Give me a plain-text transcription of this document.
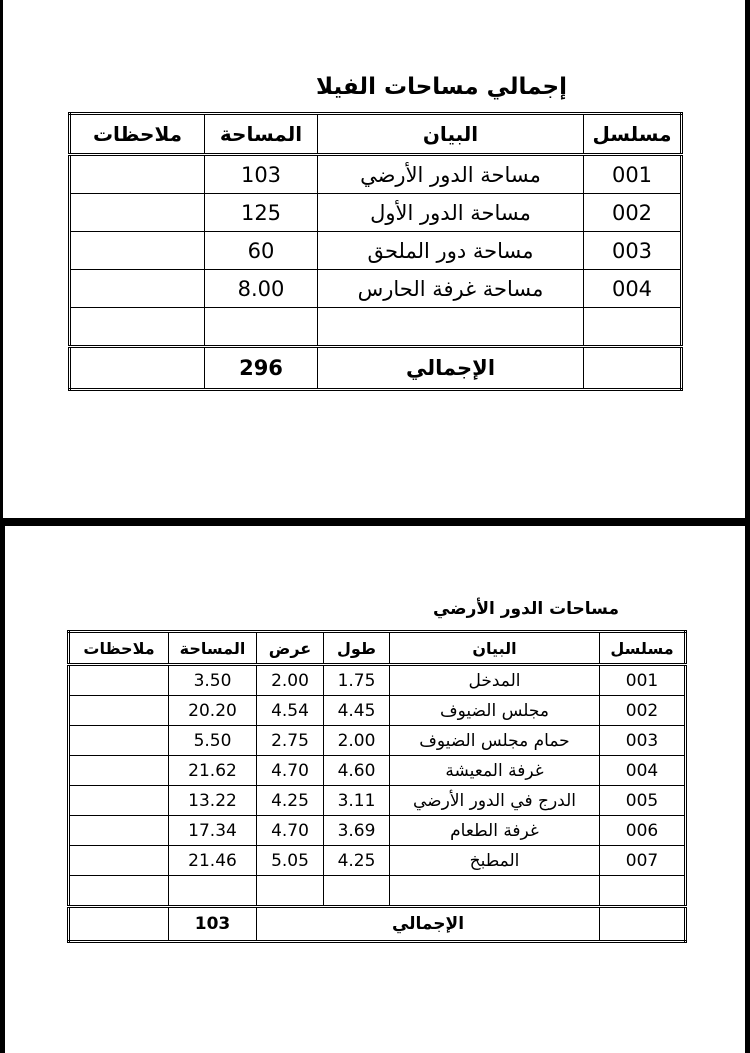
إجمالي مساحات الفيلا
مسلسل	البيان	المساحة	ملاحظات
001	مساحة الدور الأرضي	103	
002	مساحة الدور الأول	125	
003	مساحة دور الملحق	60	
004	مساحة غرفة الحارس	8.00	

	الإجمالي	296	
مساحات الدور الأرضي
مسلسل	البيان	طول	عرض	المساحة	ملاحظات
001	المدخل	1.75	2.00	3.50	
002	مجلس الضيوف	4.45	4.54	20.20	
003	حمام مجلس الضيوف	2.00	2.75	5.50	
004	غرفة المعيشة	4.60	4.70	21.62	
005	الدرج في الدور الأرضي	3.11	4.25	13.22	
006	غرفة الطعام	3.69	4.70	17.34	
007	المطبخ	4.25	5.05	21.46	

	الإجمالي			103	
